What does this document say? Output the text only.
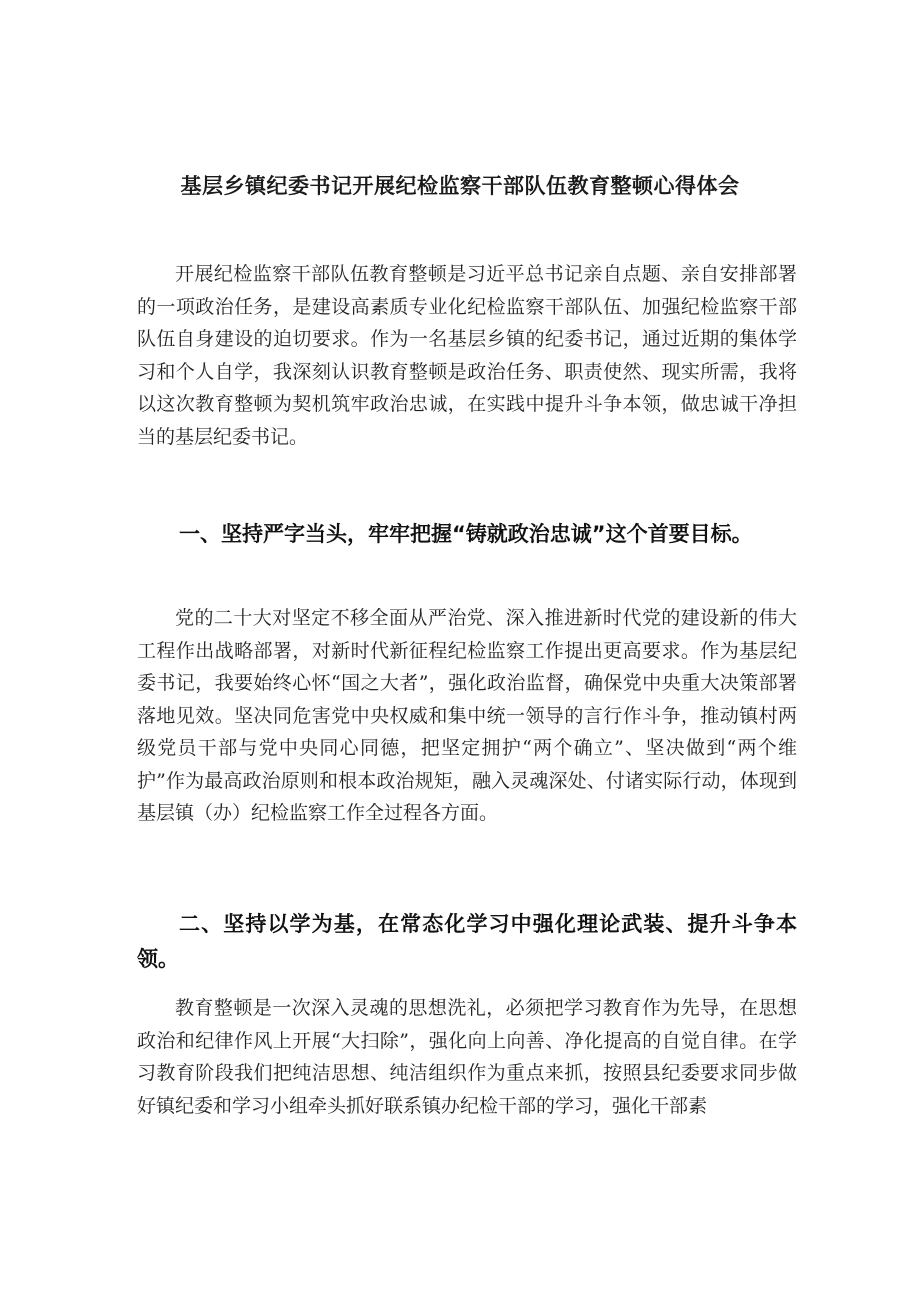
基层乡镇纪委书记开展纪检监察干部队伍教育整顿心得体会

开展纪检监察干部队伍教育整顿是习近平总书记亲自点题、亲自安排部署的一项政治任务，是建设高素质专业化纪检监察干部队伍、加强纪检监察干部队伍自身建设的迫切要求。作为一名基层乡镇的纪委书记，通过近期的集体学习和个人自学，我深刻认识教育整顿是政治任务、职责使然、现实所需，我将以这次教育整顿为契机筑牢政治忠诚，在实践中提升斗争本领，做忠诚干净担当的基层纪委书记。

一、坚持严字当头，牢牢把握“铸就政治忠诚”这个首要目标。

党的二十大对坚定不移全面从严治党、深入推进新时代党的建设新的伟大工程作出战略部署，对新时代新征程纪检监察工作提出更高要求。作为基层纪委书记，我要始终心怀“国之大者”，强化政治监督，确保党中央重大决策部署落地见效。坚决同危害党中央权威和集中统一领导的言行作斗争，推动镇村两级党员干部与党中央同心同德，把坚定拥护“两个确立”、坚决做到“两个维护”作为最高政治原则和根本政治规矩，融入灵魂深处、付诸实际行动，体现到基层镇（办）纪检监察工作全过程各方面。

二、坚持以学为基，在常态化学习中强化理论武装、提升斗争本领。

教育整顿是一次深入灵魂的思想洗礼，必须把学习教育作为先导，在思想政治和纪律作风上开展“大扫除”，强化向上向善、净化提高的自觉自律。在学习教育阶段我们把纯洁思想、纯洁组织作为重点来抓，按照县纪委要求同步做好镇纪委和学习小组牵头抓好联系镇办纪检干部的学习，强化干部素
